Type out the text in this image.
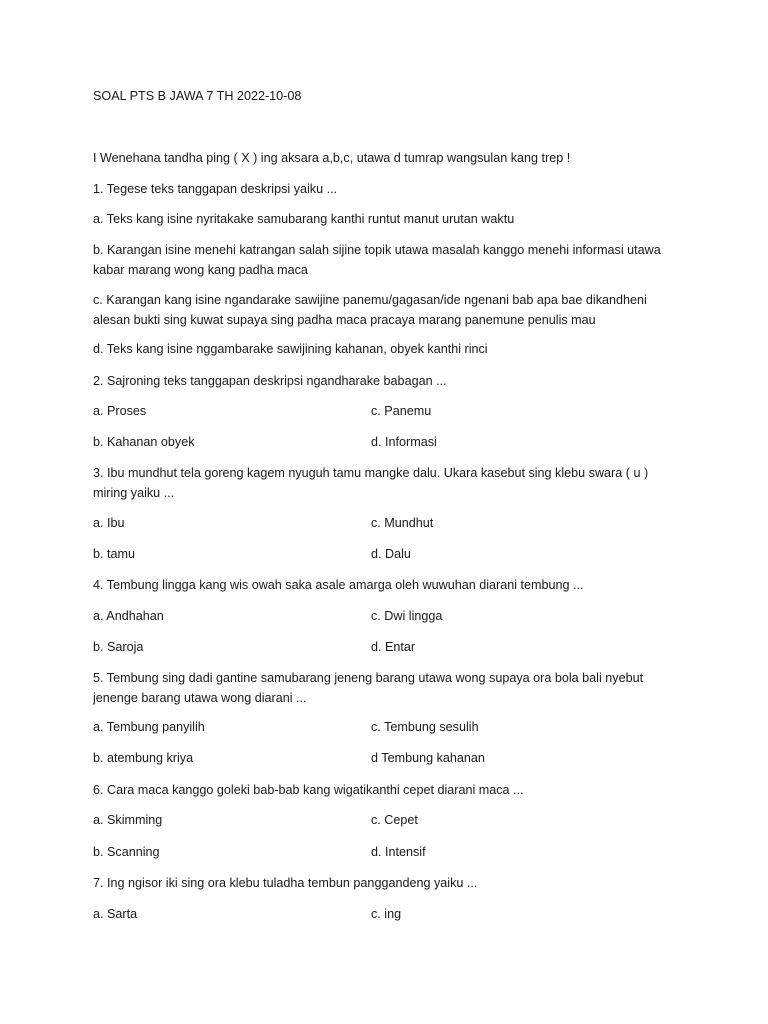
SOAL PTS B JAWA 7 TH 2022-10-08
I Wenehana tandha ping ( X ) ing aksara a,b,c, utawa d tumrap wangsulan kang trep !
1. Tegese teks tanggapan deskripsi yaiku ...
a. Teks kang isine nyritakake samubarang kanthi runtut manut urutan waktu
b. Karangan isine menehi katrangan salah sijine topik utawa masalah kanggo menehi informasi utawa kabar marang wong kang padha maca
c. Karangan kang isine ngandarake sawijine panemu/gagasan/ide ngenani bab apa bae dikandheni alesan bukti sing kuwat supaya sing padha maca pracaya marang panemune penulis mau
d. Teks kang isine nggambarake sawijining kahanan, obyek kanthi rinci
2. Sajroning teks tanggapan deskripsi ngandharake babagan ...
a. Proses	c. Panemu
b. Kahanan obyek	d. Informasi
3. Ibu mundhut tela goreng kagem nyuguh tamu mangke dalu. Ukara kasebut sing klebu swara ( u ) miring yaiku ...
a. Ibu	c. Mundhut
b. tamu	d. Dalu
4. Tembung lingga kang wis owah saka asale amarga oleh wuwuhan diarani tembung ...
a. Andhahan	c. Dwi lingga
b. Saroja	d. Entar
5. Tembung sing dadi gantine samubarang jeneng barang utawa wong supaya ora bola bali nyebut jenenge barang utawa wong diarani ...
a. Tembung panyilih	c. Tembung sesulih
b. atembung kriya	d Tembung kahanan
6. Cara maca kanggo goleki bab-bab kang wigatikanthi cepet diarani maca ...
a. Skimming	c. Cepet
b. Scanning	d. Intensif
7. Ing ngisor iki sing ora klebu tuladha tembun panggandeng yaiku ...
a. Sarta	c. ing
